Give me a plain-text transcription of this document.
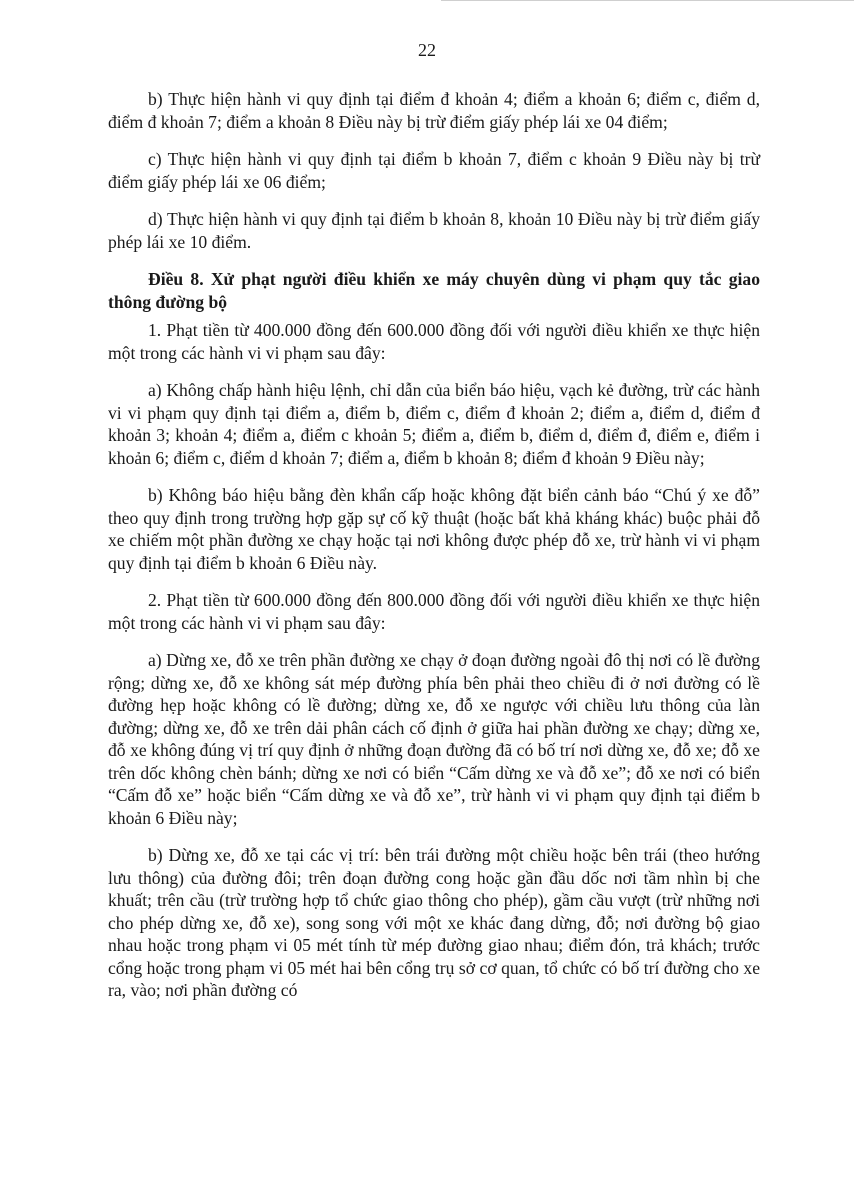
22

b) Thực hiện hành vi quy định tại điểm đ khoản 4; điểm a khoản 6; điểm c, điểm d, điểm đ khoản 7; điểm a khoản 8 Điều này bị trừ điểm giấy phép lái xe 04 điểm;

c) Thực hiện hành vi quy định tại điểm b khoản 7, điểm c khoản 9 Điều này bị trừ điểm giấy phép lái xe 06 điểm;

d) Thực hiện hành vi quy định tại điểm b khoản 8, khoản 10 Điều này bị trừ điểm giấy phép lái xe 10 điểm.

Điều 8. Xử phạt người điều khiển xe máy chuyên dùng vi phạm quy tắc giao thông đường bộ

1. Phạt tiền từ 400.000 đồng đến 600.000 đồng đối với người điều khiển xe thực hiện một trong các hành vi vi phạm sau đây:

a) Không chấp hành hiệu lệnh, chỉ dẫn của biển báo hiệu, vạch kẻ đường, trừ các hành vi vi phạm quy định tại điểm a, điểm b, điểm c, điểm đ khoản 2; điểm a, điểm d, điểm đ khoản 3; khoản 4; điểm a, điểm c khoản 5; điểm a, điểm b, điểm d, điểm đ, điểm e, điểm i khoản 6; điểm c, điểm d khoản 7; điểm a, điểm b khoản 8; điểm đ khoản 9 Điều này;

b) Không báo hiệu bằng đèn khẩn cấp hoặc không đặt biển cảnh báo “Chú ý xe đỗ” theo quy định trong trường hợp gặp sự cố kỹ thuật (hoặc bất khả kháng khác) buộc phải đỗ xe chiếm một phần đường xe chạy hoặc tại nơi không được phép đỗ xe, trừ hành vi vi phạm quy định tại điểm b khoản 6 Điều này.

2. Phạt tiền từ 600.000 đồng đến 800.000 đồng đối với người điều khiển xe thực hiện một trong các hành vi vi phạm sau đây:

a) Dừng xe, đỗ xe trên phần đường xe chạy ở đoạn đường ngoài đô thị nơi có lề đường rộng; dừng xe, đỗ xe không sát mép đường phía bên phải theo chiều đi ở nơi đường có lề đường hẹp hoặc không có lề đường; dừng xe, đỗ xe ngược với chiều lưu thông của làn đường; dừng xe, đỗ xe trên dải phân cách cố định ở giữa hai phần đường xe chạy; dừng xe, đỗ xe không đúng vị trí quy định ở những đoạn đường đã có bố trí nơi dừng xe, đỗ xe; đỗ xe trên dốc không chèn bánh; dừng xe nơi có biển “Cấm dừng xe và đỗ xe”; đỗ xe nơi có biển “Cấm đỗ xe” hoặc biển “Cấm dừng xe và đỗ xe”, trừ hành vi vi phạm quy định tại điểm b khoản 6 Điều này;

b) Dừng xe, đỗ xe tại các vị trí: bên trái đường một chiều hoặc bên trái (theo hướng lưu thông) của đường đôi; trên đoạn đường cong hoặc gần đầu dốc nơi tầm nhìn bị che khuất; trên cầu (trừ trường hợp tổ chức giao thông cho phép), gầm cầu vượt (trừ những nơi cho phép dừng xe, đỗ xe), song song với một xe khác đang dừng, đỗ; nơi đường bộ giao nhau hoặc trong phạm vi 05 mét tính từ mép đường giao nhau; điểm đón, trả khách; trước cổng hoặc trong phạm vi 05 mét hai bên cổng trụ sở cơ quan, tổ chức có bố trí đường cho xe ra, vào; nơi phần đường có
